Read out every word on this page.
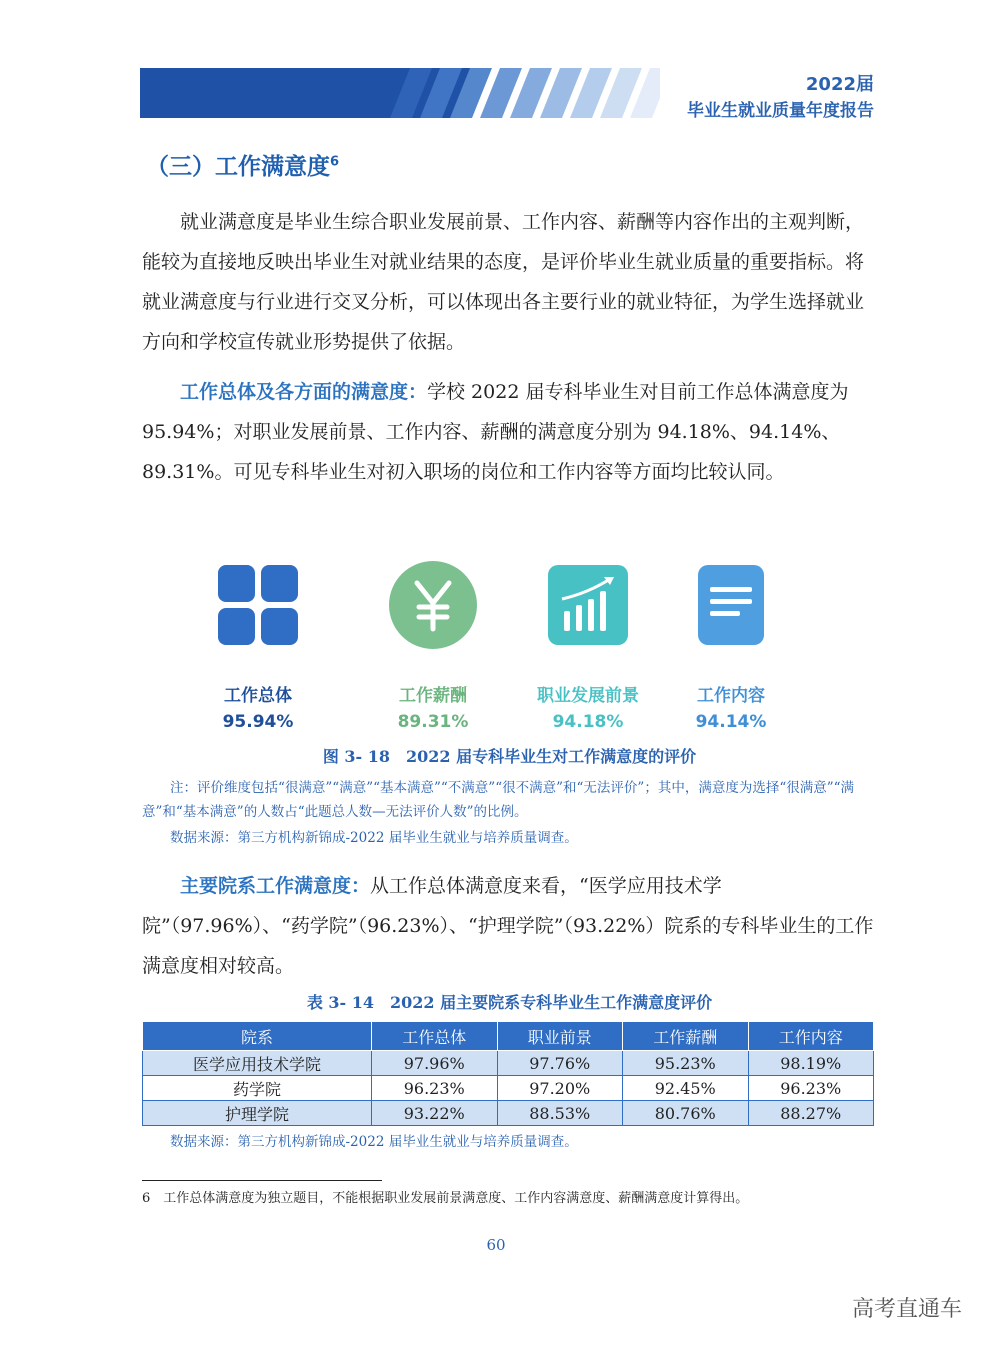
2022届
毕业生就业质量年度报告
（三）工作满意度$^6$
就业满意度是毕业生综合职业发展前景、工作内容、薪酬等内容作出的主观判断，能较为直接地反映出毕业生对就业结果的态度，是评价毕业生就业质量的重要指标。将就业满意度与行业进行交叉分析，可以体现出各主要行业的就业特征，为学生选择就业方向和学校宣传就业形势提供了依据。
工作总体及各方面的满意度：学校 2022 届专科毕业生对目前工作总体满意度为 95.94%；对职业发展前景、工作内容、薪酬的满意度分别为 94.18%、94.14%、89.31%。可见专科毕业生对初入职场的岗位和工作内容等方面均比较认同。
工作总体
95.94%
工作薪酬
89.31%
职业发展前景
94.18%
工作内容
94.14%
图 3- 18　2022 届专科毕业生对工作满意度的评价
注：评价维度包括“很满意”“满意”“基本满意”“不满意”“很不满意”和“无法评价”；其中，满意度为选择“很满意”“满意”和“基本满意”的人数占“此题总人数—无法评价人数”的比例。
数据来源：第三方机构新锦成-2022 届毕业生就业与培养质量调查。
主要院系工作满意度：从工作总体满意度来看，“医学应用技术学院”（97.96%）、“药学院”（96.23%）、“护理学院”（93.22%）院系的专科毕业生的工作满意度相对较高。
表 3- 14　2022 届主要院系专科毕业生工作满意度评价
院系	工作总体	职业前景	工作薪酬	工作内容
医学应用技术学院	97.96%	97.76%	95.23%	98.19%
药学院	96.23%	97.20%	92.45%	96.23%
护理学院	93.22%	88.53%	80.76%	88.27%
数据来源：第三方机构新锦成-2022 届毕业生就业与培养质量调查。
6　工作总体满意度为独立题目，不能根据职业发展前景满意度、工作内容满意度、薪酬满意度计算得出。
60
高考直通车
